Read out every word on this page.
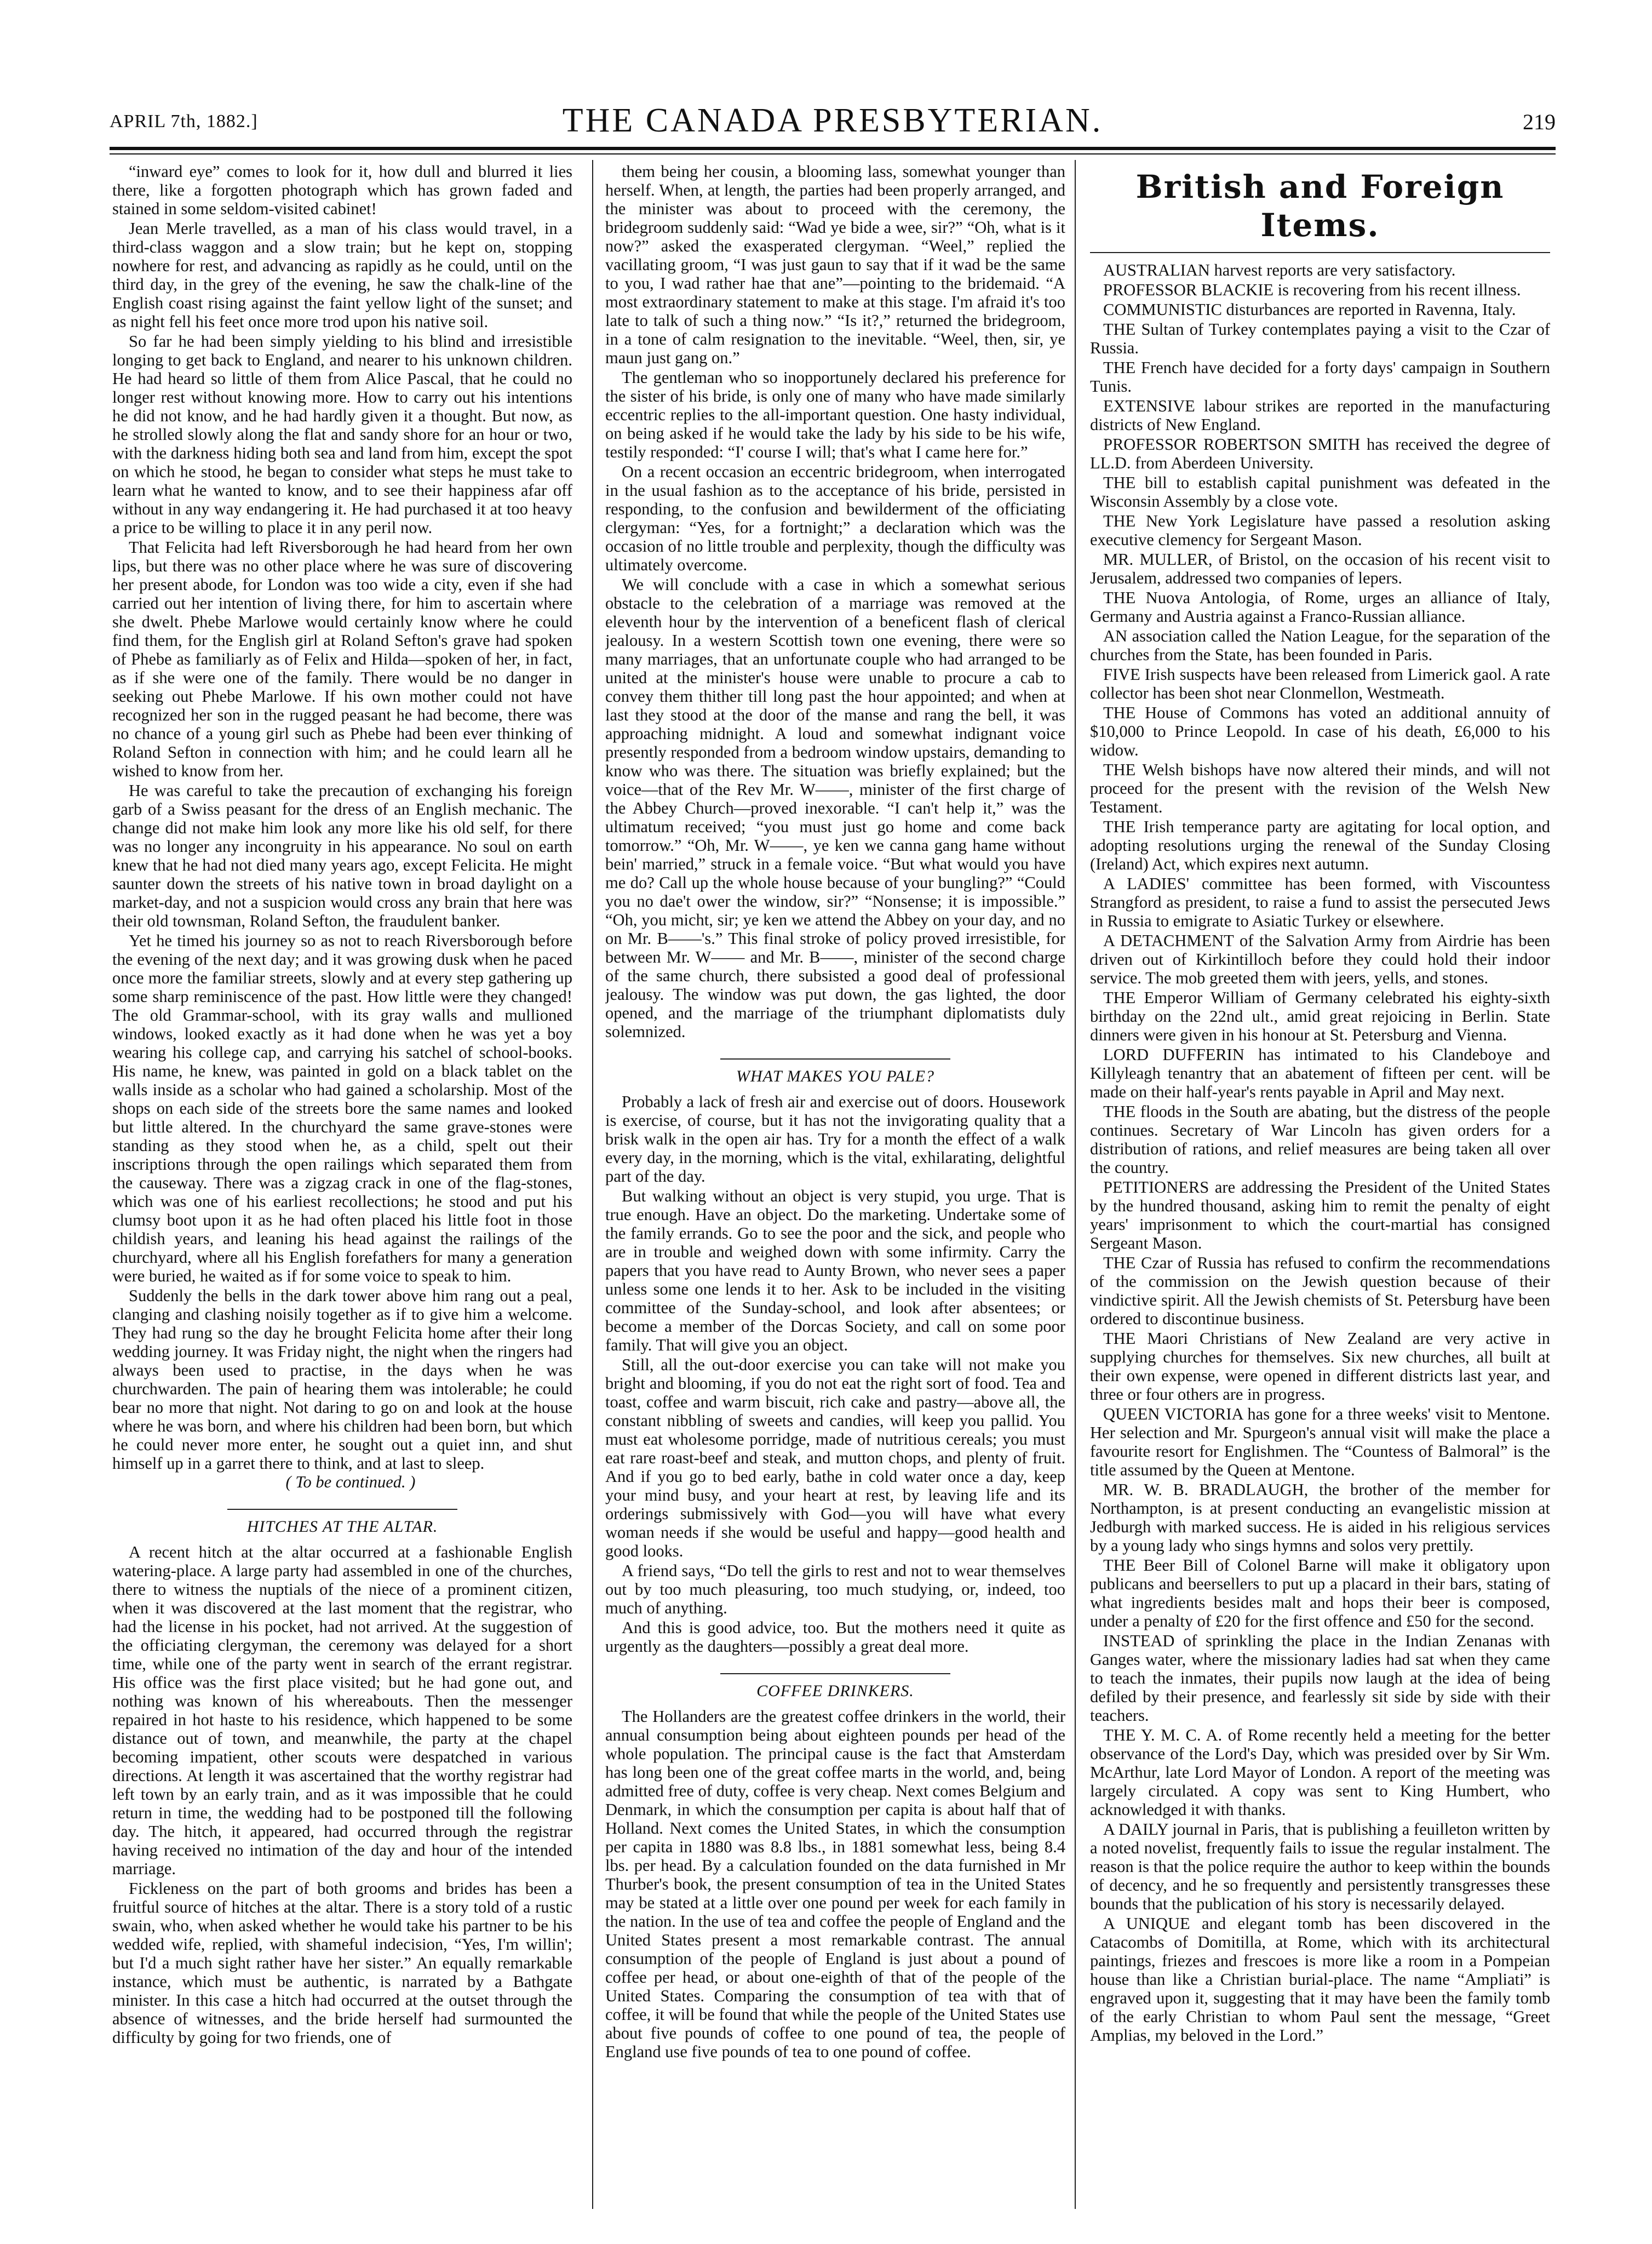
APRIL 7th, 1882.]	THE CANADA PRESBYTERIAN.	219

“inward eye” comes to look for it, how dull and blurred it lies there, like a forgotten photograph which has grown faded and stained in some seldom-visited cabinet!

Jean Merle travelled, as a man of his class would travel, in a third-class waggon and a slow train; but he kept on, stopping nowhere for rest, and advancing as rapidly as he could, until on the third day, in the grey of the evening, he saw the chalk-line of the English coast rising against the faint yellow light of the sunset; and as night fell his feet once more trod upon his native soil.

So far he had been simply yielding to his blind and irresistible longing to get back to England, and nearer to his unknown children. He had heard so little of them from Alice Pascal, that he could no longer rest without knowing more. How to carry out his intentions he did not know, and he had hardly given it a thought. But now, as he strolled slowly along the flat and sandy shore for an hour or two, with the darkness hiding both sea and land from him, except the spot on which he stood, he began to consider what steps he must take to learn what he wanted to know, and to see their happiness afar off without in any way endangering it. He had purchased it at too heavy a price to be willing to place it in any peril now.

That Felicita had left Riversborough he had heard from her own lips, but there was no other place where he was sure of discovering her present abode, for London was too wide a city, even if she had carried out her intention of living there, for him to ascertain where she dwelt. Phebe Marlowe would certainly know where he could find them, for the English girl at Roland Sefton's grave had spoken of Phebe as familiarly as of Felix and Hilda—spoken of her, in fact, as if she were one of the family. There would be no danger in seeking out Phebe Marlowe. If his own mother could not have recognized her son in the rugged peasant he had become, there was no chance of a young girl such as Phebe had been ever thinking of Roland Sefton in connection with him; and he could learn all he wished to know from her.

He was careful to take the precaution of exchanging his foreign garb of a Swiss peasant for the dress of an English mechanic. The change did not make him look any more like his old self, for there was no longer any incongruity in his appearance. No soul on earth knew that he had not died many years ago, except Felicita. He might saunter down the streets of his native town in broad daylight on a market-day, and not a suspicion would cross any brain that here was their old townsman, Roland Sefton, the fraudulent banker.

Yet he timed his journey so as not to reach Riversborough before the evening of the next day; and it was growing dusk when he paced once more the familiar streets, slowly and at every step gathering up some sharp reminiscence of the past. How little were they changed! The old Grammar-school, with its gray walls and mullioned windows, looked exactly as it had done when he was yet a boy wearing his college cap, and carrying his satchel of school-books. His name, he knew, was painted in gold on a black tablet on the walls inside as a scholar who had gained a scholarship. Most of the shops on each side of the streets bore the same names and looked but little altered. In the churchyard the same grave-stones were standing as they stood when he, as a child, spelt out their inscriptions through the open railings which separated them from the causeway. There was a zigzag crack in one of the flag-stones, which was one of his earliest recollections; he stood and put his clumsy boot upon it as he had often placed his little foot in those childish years, and leaning his head against the railings of the churchyard, where all his English forefathers for many a generation were buried, he waited as if for some voice to speak to him.

Suddenly the bells in the dark tower above him rang out a peal, clanging and clashing noisily together as if to give him a welcome. They had rung so the day he brought Felicita home after their long wedding journey. It was Friday night, the night when the ringers had always been used to practise, in the days when he was churchwarden. The pain of hearing them was intolerable; he could bear no more that night. Not daring to go on and look at the house where he was born, and where his children had been born, but which he could never more enter, he sought out a quiet inn, and shut himself up in a garret there to think, and at last to sleep.

( To be continued. )

HITCHES AT THE ALTAR.

A recent hitch at the altar occurred at a fashionable English watering-place. A large party had assembled in one of the churches, there to witness the nuptials of the niece of a prominent citizen, when it was discovered at the last moment that the registrar, who had the license in his pocket, had not arrived. At the suggestion of the officiating clergyman, the ceremony was delayed for a short time, while one of the party went in search of the errant registrar. His office was the first place visited; but he had gone out, and nothing was known of his whereabouts. Then the messenger repaired in hot haste to his residence, which happened to be some distance out of town, and meanwhile, the party at the chapel becoming impatient, other scouts were despatched in various directions. At length it was ascertained that the worthy registrar had left town by an early train, and as it was impossible that he could return in time, the wedding had to be postponed till the following day. The hitch, it appeared, had occurred through the registrar having received no intimation of the day and hour of the intended marriage.

Fickleness on the part of both grooms and brides has been a fruitful source of hitches at the altar. There is a story told of a rustic swain, who, when asked whether he would take his partner to be his wedded wife, replied, with shameful indecision, “Yes, I'm willin'; but I'd a much sight rather have her sister.” An equally remarkable instance, which must be authentic, is narrated by a Bathgate minister. In this case a hitch had occurred at the outset through the absence of witnesses, and the bride herself had surmounted the difficulty by going for two friends, one of

them being her cousin, a blooming lass, somewhat younger than herself. When, at length, the parties had been properly arranged, and the minister was about to proceed with the ceremony, the bridegroom suddenly said: “Wad ye bide a wee, sir?” “Oh, what is it now?” asked the exasperated clergyman. “Weel,” replied the vacillating groom, “I was just gaun to say that if it wad be the same to you, I wad rather hae that ane”—pointing to the bridemaid. “A most extraordinary statement to make at this stage. I'm afraid it's too late to talk of such a thing now.” “Is it?,” returned the bridegroom, in a tone of calm resignation to the inevitable. “Weel, then, sir, ye maun just gang on.”

The gentleman who so inopportunely declared his preference for the sister of his bride, is only one of many who have made similarly eccentric replies to the all-important question. One hasty individual, on being asked if he would take the lady by his side to be his wife, testily responded: “I' course I will; that's what I came here for.”

On a recent occasion an eccentric bridegroom, when interrogated in the usual fashion as to the acceptance of his bride, persisted in responding, to the confusion and bewilderment of the officiating clergyman: “Yes, for a fortnight;” a declaration which was the occasion of no little trouble and perplexity, though the difficulty was ultimately overcome.

We will conclude with a case in which a somewhat serious obstacle to the celebration of a marriage was removed at the eleventh hour by the intervention of a beneficent flash of clerical jealousy. In a western Scottish town one evening, there were so many marriages, that an unfortunate couple who had arranged to be united at the minister's house were unable to procure a cab to convey them thither till long past the hour appointed; and when at last they stood at the door of the manse and rang the bell, it was approaching midnight. A loud and somewhat indignant voice presently responded from a bedroom window upstairs, demanding to know who was there. The situation was briefly explained; but the voice—that of the Rev Mr. W——, minister of the first charge of the Abbey Church—proved inexorable. “I can't help it,” was the ultimatum received; “you must just go home and come back tomorrow.” “Oh, Mr. W——, ye ken we canna gang hame without bein' married,” struck in a female voice. “But what would you have me do? Call up the whole house because of your bungling?” “Could you no dae't ower the window, sir?” “Nonsense; it is impossible.” “Oh, you micht, sir; ye ken we attend the Abbey on your day, and no on Mr. B——'s.” This final stroke of policy proved irresistible, for between Mr. W—— and Mr. B——, minister of the second charge of the same church, there subsisted a good deal of professional jealousy. The window was put down, the gas lighted, the door opened, and the marriage of the triumphant diplomatists duly solemnized.

WHAT MAKES YOU PALE?

Probably a lack of fresh air and exercise out of doors. Housework is exercise, of course, but it has not the invigorating quality that a brisk walk in the open air has. Try for a month the effect of a walk every day, in the morning, which is the vital, exhilarating, delightful part of the day.

But walking without an object is very stupid, you urge. That is true enough. Have an object. Do the marketing. Undertake some of the family errands. Go to see the poor and the sick, and people who are in trouble and weighed down with some infirmity. Carry the papers that you have read to Aunty Brown, who never sees a paper unless some one lends it to her. Ask to be included in the visiting committee of the Sunday-school, and look after absentees; or become a member of the Dorcas Society, and call on some poor family. That will give you an object.

Still, all the out-door exercise you can take will not make you bright and blooming, if you do not eat the right sort of food. Tea and toast, coffee and warm biscuit, rich cake and pastry—above all, the constant nibbling of sweets and candies, will keep you pallid. You must eat wholesome porridge, made of nutritious cereals; you must eat rare roast-beef and steak, and mutton chops, and plenty of fruit. And if you go to bed early, bathe in cold water once a day, keep your mind busy, and your heart at rest, by leaving life and its orderings submissively with God—you will have what every woman needs if she would be useful and happy—good health and good looks.

A friend says, “Do tell the girls to rest and not to wear themselves out by too much pleasuring, too much studying, or, indeed, too much of anything.

And this is good advice, too. But the mothers need it quite as urgently as the daughters—possibly a great deal more.

COFFEE DRINKERS.

The Hollanders are the greatest coffee drinkers in the world, their annual consumption being about eighteen pounds per head of the whole population. The principal cause is the fact that Amsterdam has long been one of the great coffee marts in the world, and, being admitted free of duty, coffee is very cheap. Next comes Belgium and Denmark, in which the consumption per capita is about half that of Holland. Next comes the United States, in which the consumption per capita in 1880 was 8.8 lbs., in 1881 somewhat less, being 8.4 lbs. per head. By a calculation founded on the data furnished in Mr Thurber's book, the present consumption of tea in the United States may be stated at a little over one pound per week for each family in the nation. In the use of tea and coffee the people of England and the United States present a most remarkable contrast. The annual consumption of the people of England is just about a pound of coffee per head, or about one-eighth of that of the people of the United States. Comparing the consumption of tea with that of coffee, it will be found that while the people of the United States use about five pounds of coffee to one pound of tea, the people of England use five pounds of tea to one pound of coffee.

British and Foreign Items.

AUSTRALIAN harvest reports are very satisfactory.

PROFESSOR BLACKIE is recovering from his recent illness.

COMMUNISTIC disturbances are reported in Ravenna, Italy.

THE Sultan of Turkey contemplates paying a visit to the Czar of Russia.

THE French have decided for a forty days' campaign in Southern Tunis.

EXTENSIVE labour strikes are reported in the manufacturing districts of New England.

PROFESSOR ROBERTSON SMITH has received the degree of LL.D. from Aberdeen University.

THE bill to establish capital punishment was defeated in the Wisconsin Assembly by a close vote.

THE New York Legislature have passed a resolution asking executive clemency for Sergeant Mason.

MR. MULLER, of Bristol, on the occasion of his recent visit to Jerusalem, addressed two companies of lepers.

THE Nuova Antologia, of Rome, urges an alliance of Italy, Germany and Austria against a Franco-Russian alliance.

AN association called the Nation League, for the separation of the churches from the State, has been founded in Paris.

FIVE Irish suspects have been released from Limerick gaol. A rate collector has been shot near Clonmellon, Westmeath.

THE House of Commons has voted an additional annuity of $10,000 to Prince Leopold. In case of his death, £6,000 to his widow.

THE Welsh bishops have now altered their minds, and will not proceed for the present with the revision of the Welsh New Testament.

THE Irish temperance party are agitating for local option, and adopting resolutions urging the renewal of the Sunday Closing (Ireland) Act, which expires next autumn.

A LADIES' committee has been formed, with Viscountess Strangford as president, to raise a fund to assist the persecuted Jews in Russia to emigrate to Asiatic Turkey or elsewhere.

A DETACHMENT of the Salvation Army from Airdrie has been driven out of Kirkintilloch before they could hold their indoor service. The mob greeted them with jeers, yells, and stones.

THE Emperor William of Germany celebrated his eighty-sixth birthday on the 22nd ult., amid great rejoicing in Berlin. State dinners were given in his honour at St. Petersburg and Vienna.

LORD DUFFERIN has intimated to his Clandeboye and Killyleagh tenantry that an abatement of fifteen per cent. will be made on their half-year's rents payable in April and May next.

THE floods in the South are abating, but the distress of the people continues. Secretary of War Lincoln has given orders for a distribution of rations, and relief measures are being taken all over the country.

PETITIONERS are addressing the President of the United States by the hundred thousand, asking him to remit the penalty of eight years' imprisonment to which the court-martial has consigned Sergeant Mason.

THE Czar of Russia has refused to confirm the recommendations of the commission on the Jewish question because of their vindictive spirit. All the Jewish chemists of St. Petersburg have been ordered to discontinue business.

THE Maori Christians of New Zealand are very active in supplying churches for themselves. Six new churches, all built at their own expense, were opened in different districts last year, and three or four others are in progress.

QUEEN VICTORIA has gone for a three weeks' visit to Mentone. Her selection and Mr. Spurgeon's annual visit will make the place a favourite resort for Englishmen. The “Countess of Balmoral” is the title assumed by the Queen at Mentone.

MR. W. B. BRADLAUGH, the brother of the member for Northampton, is at present conducting an evangelistic mission at Jedburgh with marked success. He is aided in his religious services by a young lady who sings hymns and solos very prettily.

THE Beer Bill of Colonel Barne will make it obligatory upon publicans and beersellers to put up a placard in their bars, stating of what ingredients besides malt and hops their beer is composed, under a penalty of £20 for the first offence and £50 for the second.

INSTEAD of sprinkling the place in the Indian Zenanas with Ganges water, where the missionary ladies had sat when they came to teach the inmates, their pupils now laugh at the idea of being defiled by their presence, and fearlessly sit side by side with their teachers.

THE Y. M. C. A. of Rome recently held a meeting for the better observance of the Lord's Day, which was presided over by Sir Wm. McArthur, late Lord Mayor of London. A report of the meeting was largely circulated. A copy was sent to King Humbert, who acknowledged it with thanks.

A DAILY journal in Paris, that is publishing a feuilleton written by a noted novelist, frequently fails to issue the regular instalment. The reason is that the police require the author to keep within the bounds of decency, and he so frequently and persistently transgresses these bounds that the publication of his story is necessarily delayed.

A UNIQUE and elegant tomb has been discovered in the Catacombs of Domitilla, at Rome, which with its architectural paintings, friezes and frescoes is more like a room in a Pompeian house than like a Christian burial-place. The name “Ampliati” is engraved upon it, suggesting that it may have been the family tomb of the early Christian to whom Paul sent the message, “Greet Amplias, my beloved in the Lord.”
